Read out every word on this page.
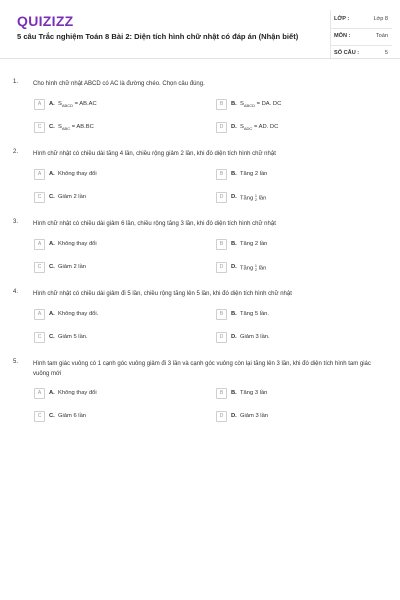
QUIZIZZ
5 câu Trắc nghiệm Toán 8 Bài 2: Diện tích hình chữ nhật có đáp án (Nhận biết)
LỚP :	Lớp 8
MÔN :	Toán
SỐ CÂU :	5
1. Cho hình chữ nhật ABCD có AC là đường chéo. Chọn câu đúng.
A	A. $S_{ABCD} = AB.AC$	B	B. $S_{ABCD}$ = DA. DC
C	C. $S_{ABC} = AB.BC$	D	D. $S_{ADC}$ = AD. DC
2. Hình chữ nhật có chiều dài tăng 4 lần, chiều rộng giảm 2 lần, khi đó diện tích hình chữ nhật
A	A. Không thay đổi	B	B. Tăng 2 lần
C	C. Giảm 2 lần	D	D. Tăng 1
2 lần
3. Hình chữ nhật có chiều dài giảm 6 lần, chiều rộng tăng 3 lần, khi đó diện tích hình chữ nhật
A	A. Không thay đổi	B	B. Tăng 2 lần
C	C. Giảm 2 lần	D	D. Tăng 1
2 lần
4. Hình chữ nhật có chiều dài giảm đi 5 lần, chiều rộng tăng lên 5 lần, khi đó diện tích hình chữ nhật
A	A. Không thay đổi.	B	B. Tăng 5 lần.
C	C. Giảm 5 lần.	D	D. Giảm 3 lần.
5. Hình tam giác vuông có 1 cạnh góc vuông giảm đi 3 lần và cạnh góc vuông còn lại tăng lên 3 lần, khi đó diện tích hình tam giác vuông mới
A	A. Không thay đổi	B	B. Tăng 3 lần
C	C. Giảm 6 lần	D	D. Giảm 3 lần
